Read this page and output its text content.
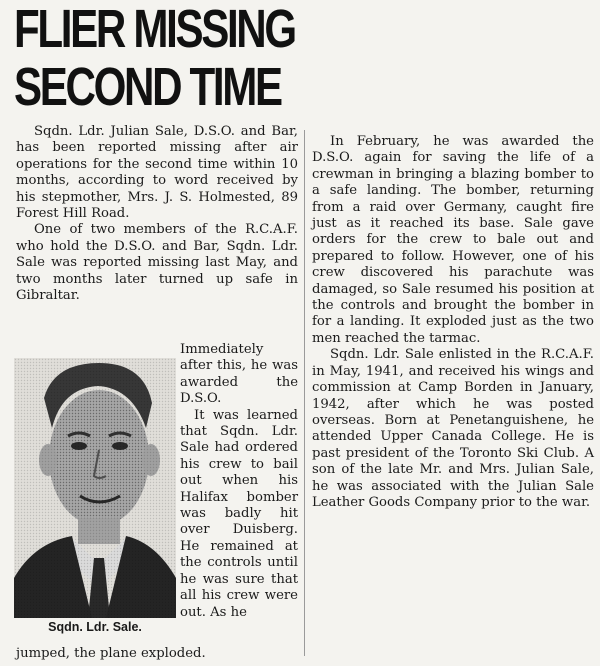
FLIER MISSING
SECOND TIME

Sqdn. Ldr. Julian Sale, D.S.O. and Bar, has been reported missing after air operations for the second time within 10 months, according to word received by his stepmother, Mrs. J. S. Holmested, 89 Forest Hill Road.

One of two members of the R.C.A.F. who hold the D.S.O. and Bar, Sqdn. Ldr. Sale was reported missing last May, and two months later turned up safe in Gibraltar.

Sqdn. Ldr. Sale.

Immediately after this, he was awarded the D.S.O.

It was learned that Sqdn. Ldr. Sale had ordered his crew to bail out when his Halifax bomber was badly hit over Duisberg. He remained at the controls until he was sure that all his crew were out. As he

jumped, the plane exploded.

In February, he was awarded the D.S.O. again for saving the life of a crewman in bringing a blazing bomber to a safe landing. The bomber, returning from a raid over Germany, caught fire just as it reached its base. Sale gave orders for the crew to bale out and prepared to follow. However, one of his crew discovered his parachute was damaged, so Sale resumed his position at the controls and brought the bomber in for a landing. It exploded just as the two men reached the tarmac.

Sqdn. Ldr. Sale enlisted in the R.C.A.F. in May, 1941, and received his wings and commission at Camp Borden in January, 1942, after which he was posted overseas. Born at Penetanguishene, he attended Upper Canada College. He is past president of the Toronto Ski Club. A son of the late Mr. and Mrs. Julian Sale, he was associated with the Julian Sale Leather Goods Company prior to the war.
